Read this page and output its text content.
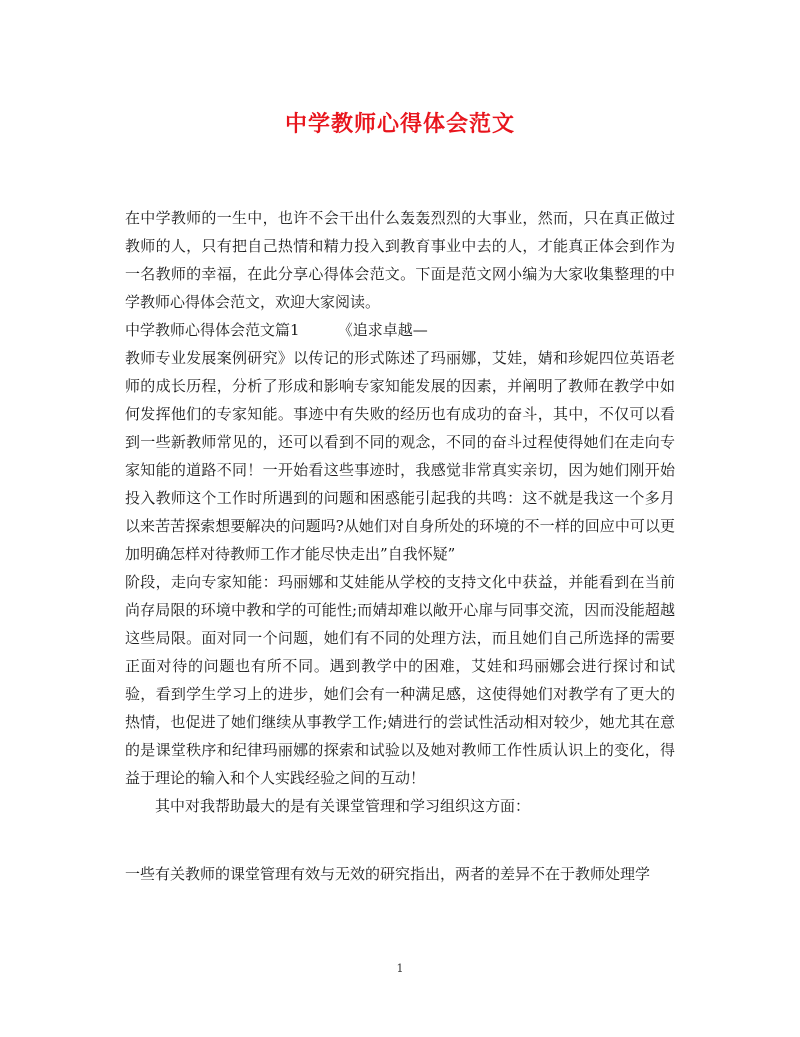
中学教师心得体会范文

在中学教师的一生中，也许不会干出什么轰轰烈烈的大事业，然而，只在真正做过教师的人，只有把自己热情和精力投入到教育事业中去的人，才能真正体会到作为一名教师的幸福，在此分享心得体会范文。下面是范文网小编为大家收集整理的中学教师心得体会范文，欢迎大家阅读。

中学教师心得体会范文篇1	《追求卓越—

教师专业发展案例研究》以传记的形式陈述了玛丽娜，艾娃，婧和珍妮四位英语老师的成长历程，分析了形成和影响专家知能发展的因素，并阐明了教师在教学中如何发挥他们的专家知能。事迹中有失败的经历也有成功的奋斗，其中，不仅可以看到一些新教师常见的，还可以看到不同的观念，不同的奋斗过程使得她们在走向专家知能的道路不同！一开始看这些事迹时，我感觉非常真实亲切，因为她们刚开始投入教师这个工作时所遇到的问题和困惑能引起我的共鸣：这不就是我这一个多月以来苦苦探索想要解决的问题吗?从她们对自身所处的环境的不一样的回应中可以更加明确怎样对待教师工作才能尽快走出”自我怀疑”

阶段，走向专家知能：玛丽娜和艾娃能从学校的支持文化中获益，并能看到在当前尚存局限的环境中教和学的可能性;而婧却难以敞开心扉与同事交流，因而没能超越这些局限。面对同一个问题，她们有不同的处理方法，而且她们自己所选择的需要正面对待的问题也有所不同。遇到教学中的困难，艾娃和玛丽娜会进行探讨和试验，看到学生学习上的进步，她们会有一种满足感，这使得她们对教学有了更大的热情，也促进了她们继续从事教学工作;婧进行的尝试性活动相对较少，她尤其在意的是课堂秩序和纪律玛丽娜的探索和试验以及她对教师工作性质认识上的变化，得益于理论的输入和个人实践经验之间的互动！

其中对我帮助最大的是有关课堂管理和学习组织这方面：

一些有关教师的课堂管理有效与无效的研究指出，两者的差异不在于教师处理学

1
